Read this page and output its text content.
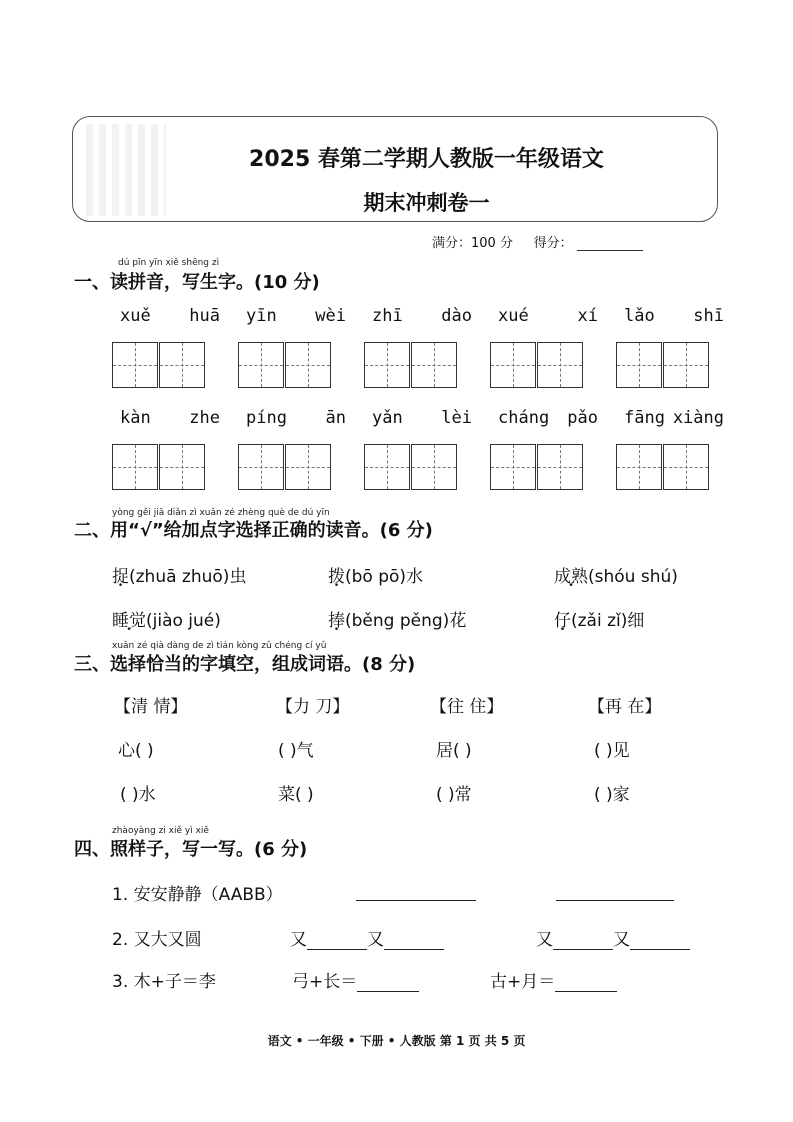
2025 春第二学期人教版一年级语文
期末冲刺卷一
满分：100 分 得分：
dú pīn yīn xiě shēng zì
一、读拼音，写生字。(10 分)
xuě huā yīn wèi zhī dào xué	xí lǎo shī
kàn zhe píng ān yǎn lèi cháng pǎo fāng xiàng
yòng gěi jiā diǎn zì xuǎn zé zhèng què de dú yīn
二、用“√”给加点字选择正确的读音。(6 分)
捉(zhuā zhuō)虫	拨(bō pō)水	成熟(shóu shú)
睡觉(jiào jué)	捧(běng pěng)花	仔(zǎi zǐ)细
xuǎn zé qià dàng de zì tián kòng zǔ chéng cí yǔ
三、选择恰当的字填空，组成词语。(8 分)
【清 情】	【力 刀】	【往 住】	【再 在】
心( )	( )气	居( )	( )见
( )水	菜( )	( )常	( )家
zhàoyàng zi xiě yì xiě
四、照样子，写一写。(6 分)
1. 安安静静（AABB）
2. 又大又圆	又	又	又	又
3. 木+子＝李	弓+长＝	古+月＝
语文 • 一年级 • 下册 • 人教版 第 1 页 共 5 页
